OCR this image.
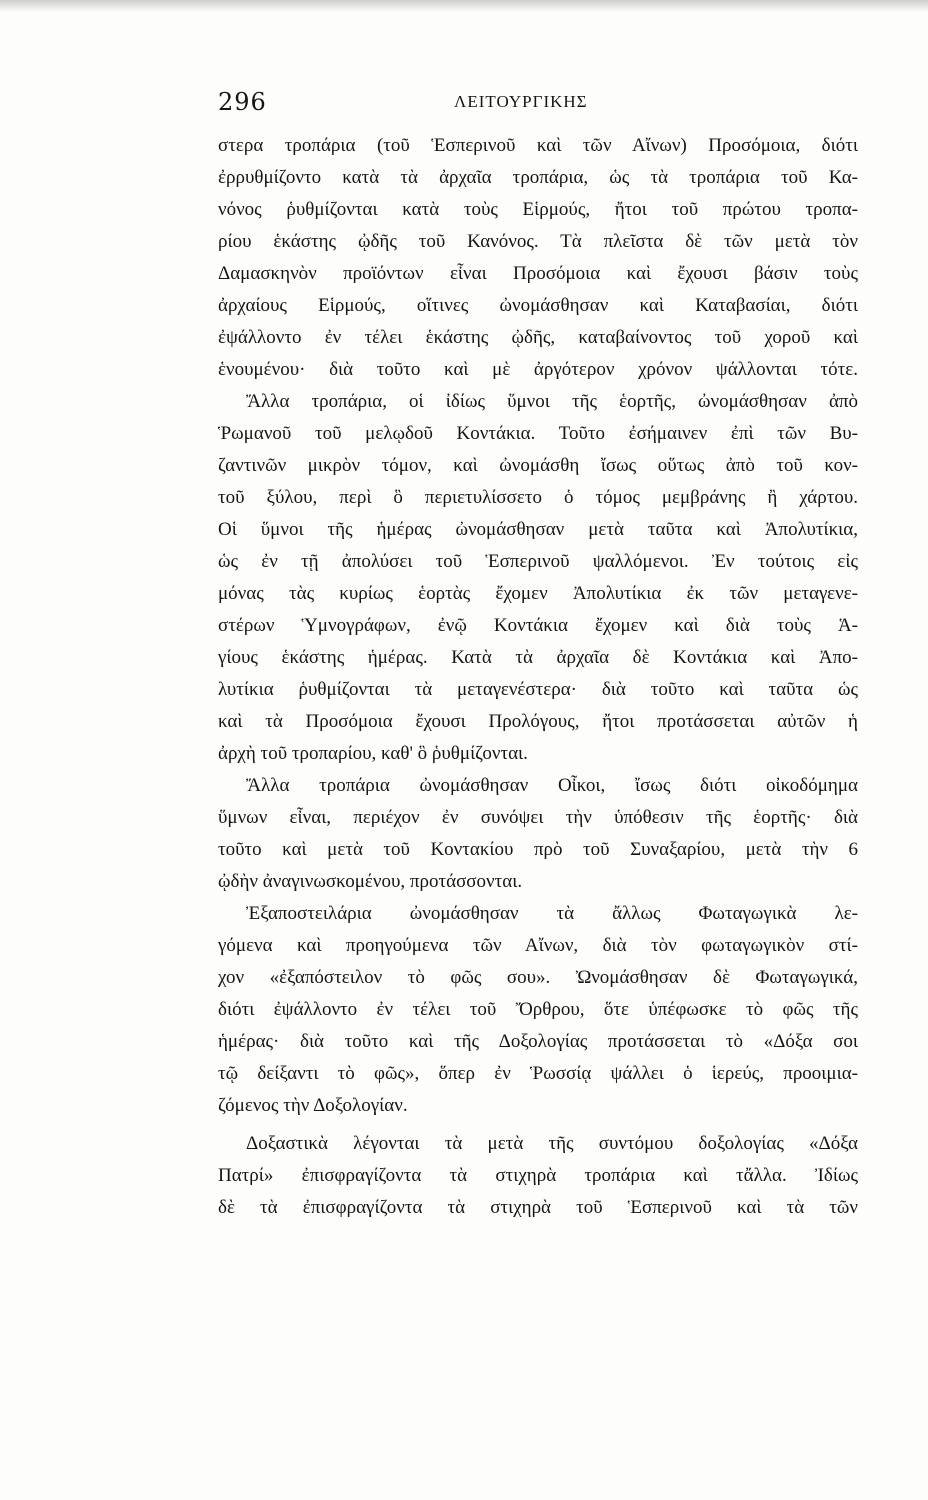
296	ΛΕΙΤΟΥΡΓΙΚΗΣ
στερα τροπάρια (τοῦ Ἑσπερινοῦ καὶ τῶν Αἴνων) Προσόμοια, διότι
ἐρρυθμίζοντο κατὰ τὰ ἀρχαῖα τροπάρια, ὡς τὰ τροπάρια τοῦ Κα-
νόνος ῥυθμίζονται κατὰ τοὺς Εἱρμούς, ἤτοι τοῦ πρώτου τροπα-
ρίου ἑκάστης ᾠδῆς τοῦ Κανόνος. Τὰ πλεῖστα δὲ τῶν μετὰ τὸν
Δαμασκηνὸν προϊόντων εἶναι Προσόμοια καὶ ἔχουσι βάσιν τοὺς
ἀρχαίους Εἱρμούς, οἵτινες ὠνομάσθησαν καὶ Καταβασίαι, διότι
ἐψάλλοντο ἐν τέλει ἑκάστης ᾠδῆς, καταβαίνοντος τοῦ χοροῦ καὶ
ἑνουμένου· διὰ τοῦτο καὶ μὲ ἀργότερον χρόνον ψάλλονται τότε.
Ἄλλα τροπάρια, οἱ ἰδίως ὕμνοι τῆς ἑορτῆς, ὠνομάσθησαν ἀπὸ
Ῥωμανοῦ τοῦ μελῳδοῦ Κοντάκια. Τοῦτο ἐσήμαινεν ἐπὶ τῶν Βυ-
ζαντινῶν μικρὸν τόμον, καὶ ὠνομάσθη ἴσως οὕτως ἀπὸ τοῦ κον-
τοῦ ξύλου, περὶ ὃ περιετυλίσσετο ὁ τόμος μεμβράνης ἢ χάρτου.
Οἱ ὕμνοι τῆς ἡμέρας ὠνομάσθησαν μετὰ ταῦτα καὶ Ἀπολυτίκια,
ὡς ἐν τῇ ἀπολύσει τοῦ Ἑσπερινοῦ ψαλλόμενοι. Ἐν τούτοις εἰς
μόνας τὰς κυρίως ἑορτὰς ἔχομεν Ἀπολυτίκια ἐκ τῶν μεταγενε-
στέρων Ὑμνογράφων, ἐνῷ Κοντάκια ἔχομεν καὶ διὰ τοὺς Ἁ-
γίους ἑκάστης ἡμέρας. Κατὰ τὰ ἀρχαῖα δὲ Κοντάκια καὶ Ἀπο-
λυτίκια ῥυθμίζονται τὰ μεταγενέστερα· διὰ τοῦτο καὶ ταῦτα ὡς
καὶ τὰ Προσόμοια ἔχουσι Προλόγους, ἤτοι προτάσσεται αὐτῶν ἡ
ἀρχὴ τοῦ τροπαρίου, καθ' ὃ ῥυθμίζονται.
Ἄλλα τροπάρια ὠνομάσθησαν Οἶκοι, ἴσως διότι οἰκοδόμημα
ὕμνων εἶναι, περιέχον ἐν συνόψει τὴν ὑπόθεσιν τῆς ἑορτῆς· διὰ
τοῦτο καὶ μετὰ τοῦ Κοντακίου πρὸ τοῦ Συναξαρίου, μετὰ τὴν 6
ᾠδὴν ἀναγινωσκομένου, προτάσσονται.
Ἐξαποστειλάρια ὠνομάσθησαν τὰ ἄλλως Φωταγωγικὰ λε-
γόμενα καὶ προηγούμενα τῶν Αἴνων, διὰ τὸν φωταγωγικὸν στί-
χον «ἐξαπόστειλον τὸ φῶς σου». Ὠνομάσθησαν δὲ Φωταγωγικά,
διότι ἐψάλλοντο ἐν τέλει τοῦ Ὄρθρου, ὅτε ὑπέφωσκε τὸ φῶς τῆς
ἡμέρας· διὰ τοῦτο καὶ τῆς Δοξολογίας προτάσσεται τὸ «Δόξα σοι
τῷ δείξαντι τὸ φῶς», ὅπερ ἐν Ῥωσσίᾳ ψάλλει ὁ ἱερεύς, προοιμια-
ζόμενος τὴν Δοξολογίαν.
Δοξαστικὰ λέγονται τὰ μετὰ τῆς συντόμου δοξολογίας «Δόξα
Πατρί» ἐπισφραγίζοντα τὰ στιχηρὰ τροπάρια καὶ τἄλλα. Ἰδίως
δὲ τὰ ἐπισφραγίζοντα τὰ στιχηρὰ τοῦ Ἑσπερινοῦ καὶ τὰ τῶν
